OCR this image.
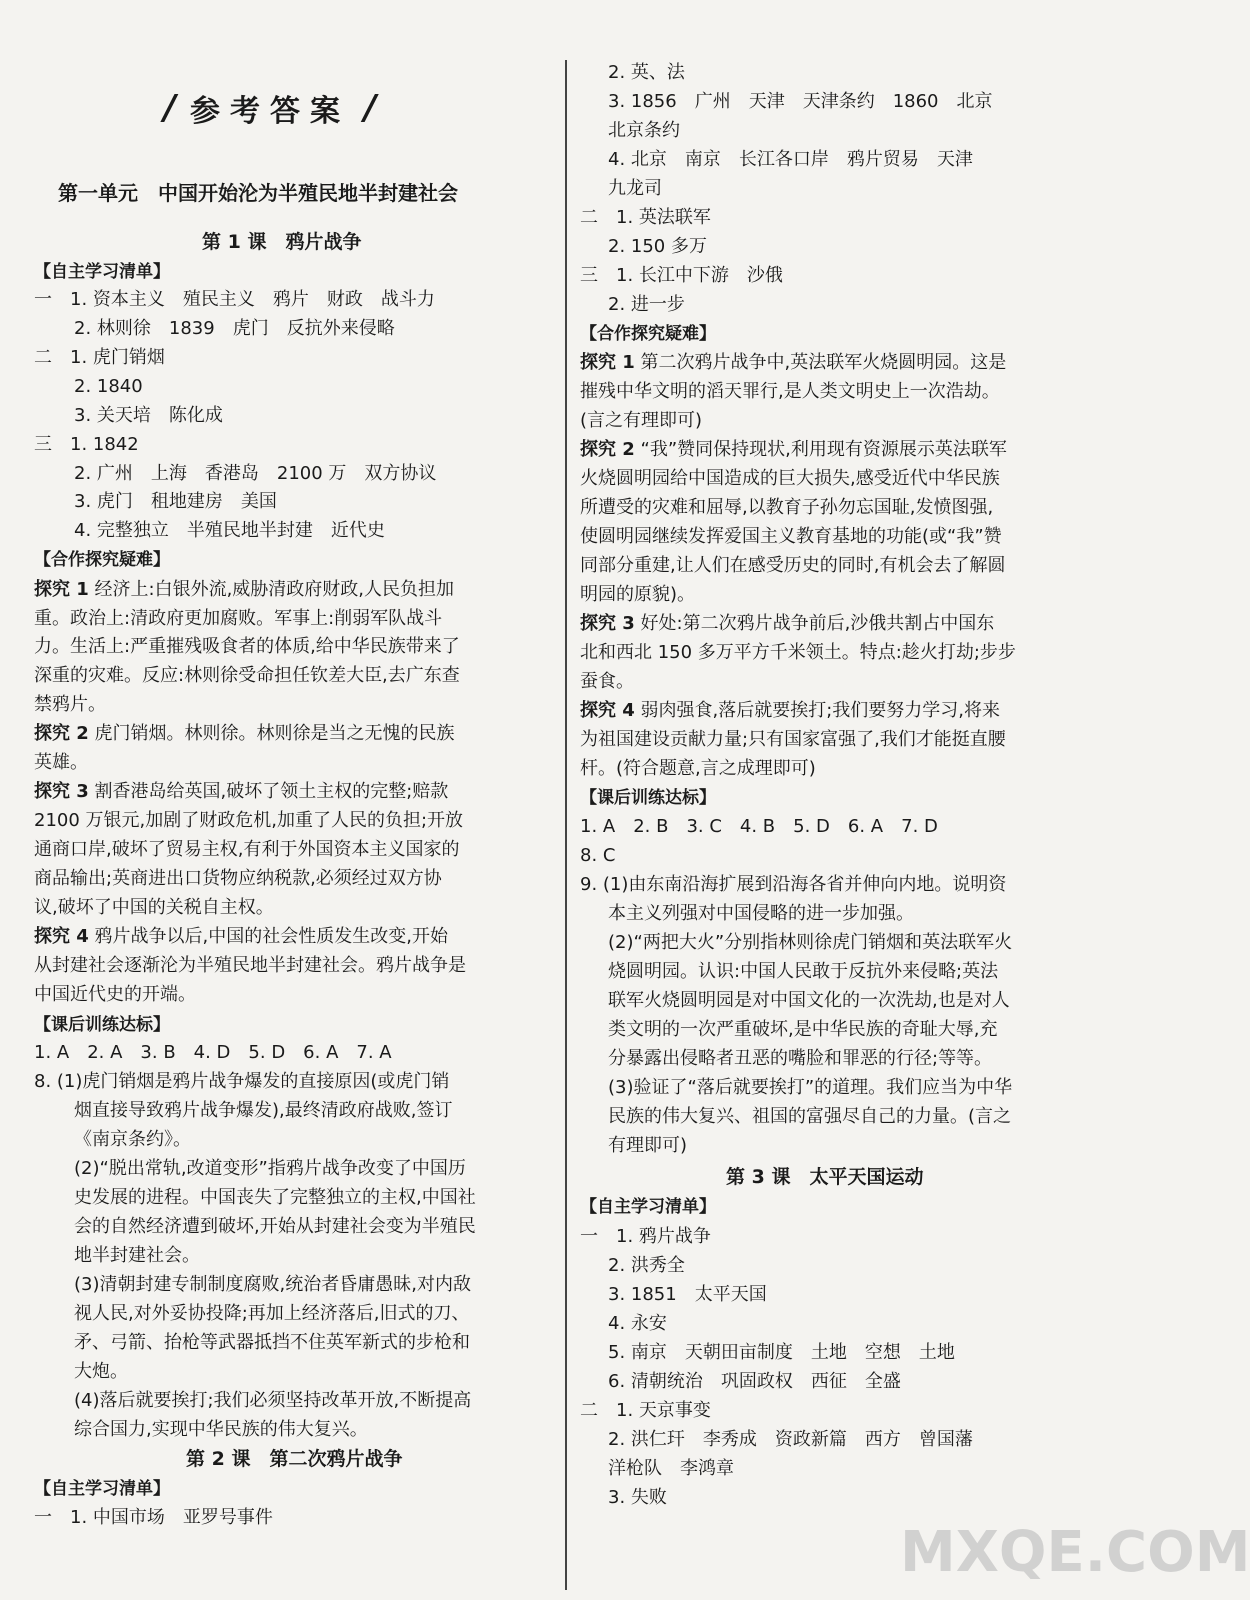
/ 参考答案 /
第一单元　中国开始沦为半殖民地半封建社会
第 1 课　鸦片战争
【 自主学习清单 】
一　1. 资本主义　殖民主义　鸦片　财政　战斗力
2. 林则徐　1839　虎门　反抗外来侵略
二　1. 虎门销烟
2. 1840
3. 关天培　陈化成
三　1. 1842
2. 广州　上海　香港岛　2100 万　双方协议
3. 虎门　租地建房　美国
4. 完整独立　半殖民地半封建　近代史
【 合作探究疑难 】
探究 1 经济上:白银外流,威胁清政府财政,人民负担加
重。政治上:清政府更加腐败。军事上:削弱军队战斗
力。生活上:严重摧残吸食者的体质,给中华民族带来了
深重的灾难。反应:林则徐受命担任钦差大臣,去广东查
禁鸦片。
探究 2 虎门销烟。林则徐。林则徐是当之无愧的民族
英雄。
探究 3 割香港岛给英国,破坏了领土主权的完整;赔款
2100 万银元,加剧了财政危机,加重了人民的负担;开放
通商口岸,破坏了贸易主权,有利于外国资本主义国家的
商品输出;英商进出口货物应纳税款,必须经过双方协
议,破坏了中国的关税自主权。
探究 4 鸦片战争以后,中国的社会性质发生改变,开始
从封建社会逐渐沦为半殖民地半封建社会。鸦片战争是
中国近代史的开端。
【 课后训练达标 】
1. A　2. A　3. B　4. D　5. D　6. A　7. A
8. (1)虎门销烟是鸦片战争爆发的直接原因(或虎门销
烟直接导致鸦片战争爆发),最终清政府战败,签订
《南京条约》。
(2)“脱出常轨,改道变形”指鸦片战争改变了中国历
史发展的进程。中国丧失了完整独立的主权,中国社
会的自然经济遭到破坏,开始从封建社会变为半殖民
地半封建社会。
(3)清朝封建专制制度腐败,统治者昏庸愚昧,对内敌
视人民,对外妥协投降;再加上经济落后,旧式的刀、
矛、弓箭、抬枪等武器抵挡不住英军新式的步枪和
大炮。
(4)落后就要挨打;我们必须坚持改革开放,不断提高
综合国力,实现中华民族的伟大复兴。
第 2 课　第二次鸦片战争
【 自主学习清单 】
一　1. 中国市场　亚罗号事件
2. 英、法
3. 1856　广州　天津　天津条约　1860　北京
北京条约
4. 北京　南京　长江各口岸　鸦片贸易　天津
九龙司
二　1. 英法联军
2. 150 多万
三　1. 长江中下游　沙俄
2. 进一步
【 合作探究疑难 】
探究 1 第二次鸦片战争中,英法联军火烧圆明园。这是
摧残中华文明的滔天罪行,是人类文明史上一次浩劫。
(言之有理即可)
探究 2 “我”赞同保持现状,利用现有资源展示英法联军
火烧圆明园给中国造成的巨大损失,感受近代中华民族
所遭受的灾难和屈辱,以教育子孙勿忘国耻,发愤图强,
使圆明园继续发挥爱国主义教育基地的功能(或“我”赞
同部分重建,让人们在感受历史的同时,有机会去了解圆
明园的原貌)。
探究 3 好处:第二次鸦片战争前后,沙俄共割占中国东
北和西北 150 多万平方千米领土。特点:趁火打劫;步步
蚕食。
探究 4 弱肉强食,落后就要挨打;我们要努力学习,将来
为祖国建设贡献力量;只有国家富强了,我们才能挺直腰
杆。(符合题意,言之成理即可)
【 课后训练达标 】
1. A　2. B　3. C　4. B　5. D　6. A　7. D
8. C
9. (1)由东南沿海扩展到沿海各省并伸向内地。说明资
本主义列强对中国侵略的进一步加强。
(2)“两把大火”分别指林则徐虎门销烟和英法联军火
烧圆明园。认识:中国人民敢于反抗外来侵略;英法
联军火烧圆明园是对中国文化的一次洗劫,也是对人
类文明的一次严重破坏,是中华民族的奇耻大辱,充
分暴露出侵略者丑恶的嘴脸和罪恶的行径;等等。
(3)验证了“落后就要挨打”的道理。我们应当为中华
民族的伟大复兴、祖国的富强尽自己的力量。(言之
有理即可)
第 3 课　太平天国运动
【 自主学习清单 】
一　1. 鸦片战争
2. 洪秀全
3. 1851　太平天国
4. 永安
5. 南京　天朝田亩制度　土地　空想　土地
6. 清朝统治　巩固政权　西征　全盛
二　1. 天京事变
2. 洪仁玕　李秀成　资政新篇　西方　曾国藩
洋枪队　李鸿章
3. 失败
MXQE.COM
